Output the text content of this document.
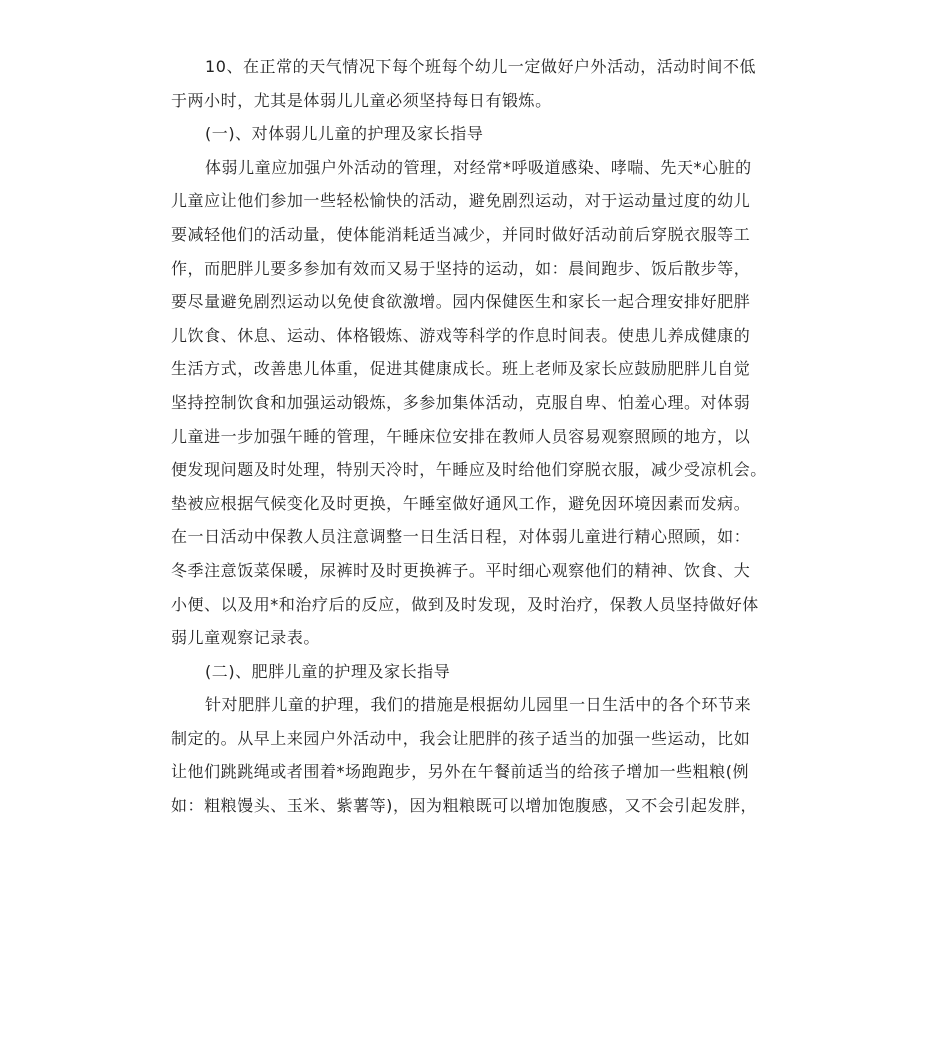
10、在正常的天气情况下每个班每个幼儿一定做好户外活动，活动时间不低
于两小时，尤其是体弱儿儿童必须坚持每日有锻炼。
(一)、对体弱儿儿童的护理及家长指导
体弱儿童应加强户外活动的管理，对经常*呼吸道感染、哮喘、先天*心脏的
儿童应让他们参加一些轻松愉快的活动，避免剧烈运动，对于运动量过度的幼儿
要减轻他们的活动量，使体能消耗适当减少，并同时做好活动前后穿脱衣服等工
作，而肥胖儿要多参加有效而又易于坚持的运动，如：晨间跑步、饭后散步等，
要尽量避免剧烈运动以免使食欲激增。园内保健医生和家长一起合理安排好肥胖
儿饮食、休息、运动、体格锻炼、游戏等科学的作息时间表。使患儿养成健康的
生活方式，改善患儿体重，促进其健康成长。班上老师及家长应鼓励肥胖儿自觉
坚持控制饮食和加强运动锻炼，多参加集体活动，克服自卑、怕羞心理。对体弱
儿童进一步加强午睡的管理，午睡床位安排在教师人员容易观察照顾的地方，以
便发现问题及时处理，特别天冷时，午睡应及时给他们穿脱衣服，减少受凉机会。
垫被应根据气候变化及时更换，午睡室做好通风工作，避免因环境因素而发病。
在一日活动中保教人员注意调整一日生活日程，对体弱儿童进行精心照顾，如：
冬季注意饭菜保暖，尿裤时及时更换裤子。平时细心观察他们的精神、饮食、大
小便、以及用*和治疗后的反应，做到及时发现，及时治疗，保教人员坚持做好体
弱儿童观察记录表。
(二)、肥胖儿童的护理及家长指导
针对肥胖儿童的护理，我们的措施是根据幼儿园里一日生活中的各个环节来
制定的。从早上来园户外活动中，我会让肥胖的孩子适当的加强一些运动，比如
让他们跳跳绳或者围着*场跑跑步，另外在午餐前适当的给孩子增加一些粗粮(例
如：粗粮馒头、玉米、紫薯等)，因为粗粮既可以增加饱腹感，又不会引起发胖，
